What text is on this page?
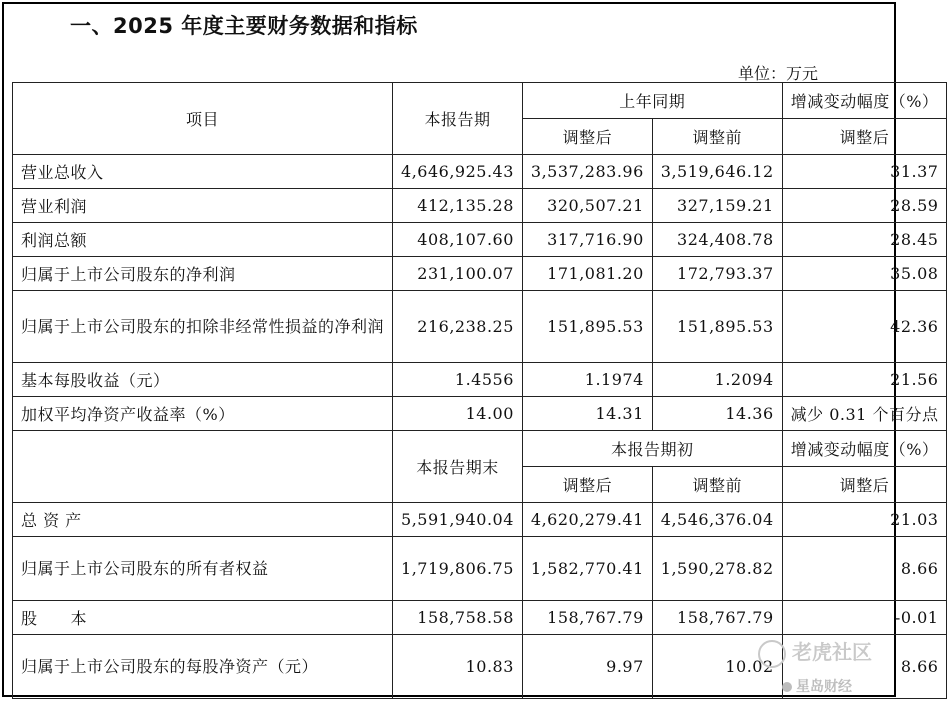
一、2025 年度主要财务数据和指标
单位：万元
项目	本报告期	上年同期		增减变动幅度（%）
		调整后	调整前	调整后
营业总收入	4,646,925.43	3,537,283.96	3,519,646.12	31.37
营业利润	412,135.28	320,507.21	327,159.21	28.59
利润总额	408,107.60	317,716.90	324,408.78	28.45
归属于上市公司股东的净利润	231,100.07	171,081.20	172,793.37	35.08
归属于上市公司股东的扣除非经常性损益的净利润	216,238.25	151,895.53	151,895.53	42.36
基本每股收益（元）	1.4556	1.1974	1.2094	21.56
加权平均净资产收益率（%）	14.00	14.31	14.36	减少 0.31 个百分点
	本报告期末	本报告期初		增减变动幅度（%）
		调整后	调整前	调整后
总 资 产	5,591,940.04	4,620,279.41	4,546,376.04	21.03
归属于上市公司股东的所有者权益	1,719,806.75	1,582,770.41	1,590,278.82	8.66
股　　本	158,758.58	158,767.79	158,767.79	-0.01
归属于上市公司股东的每股净资产（元）	10.83	9.97	10.02	8.66
老虎社区
星岛财经
